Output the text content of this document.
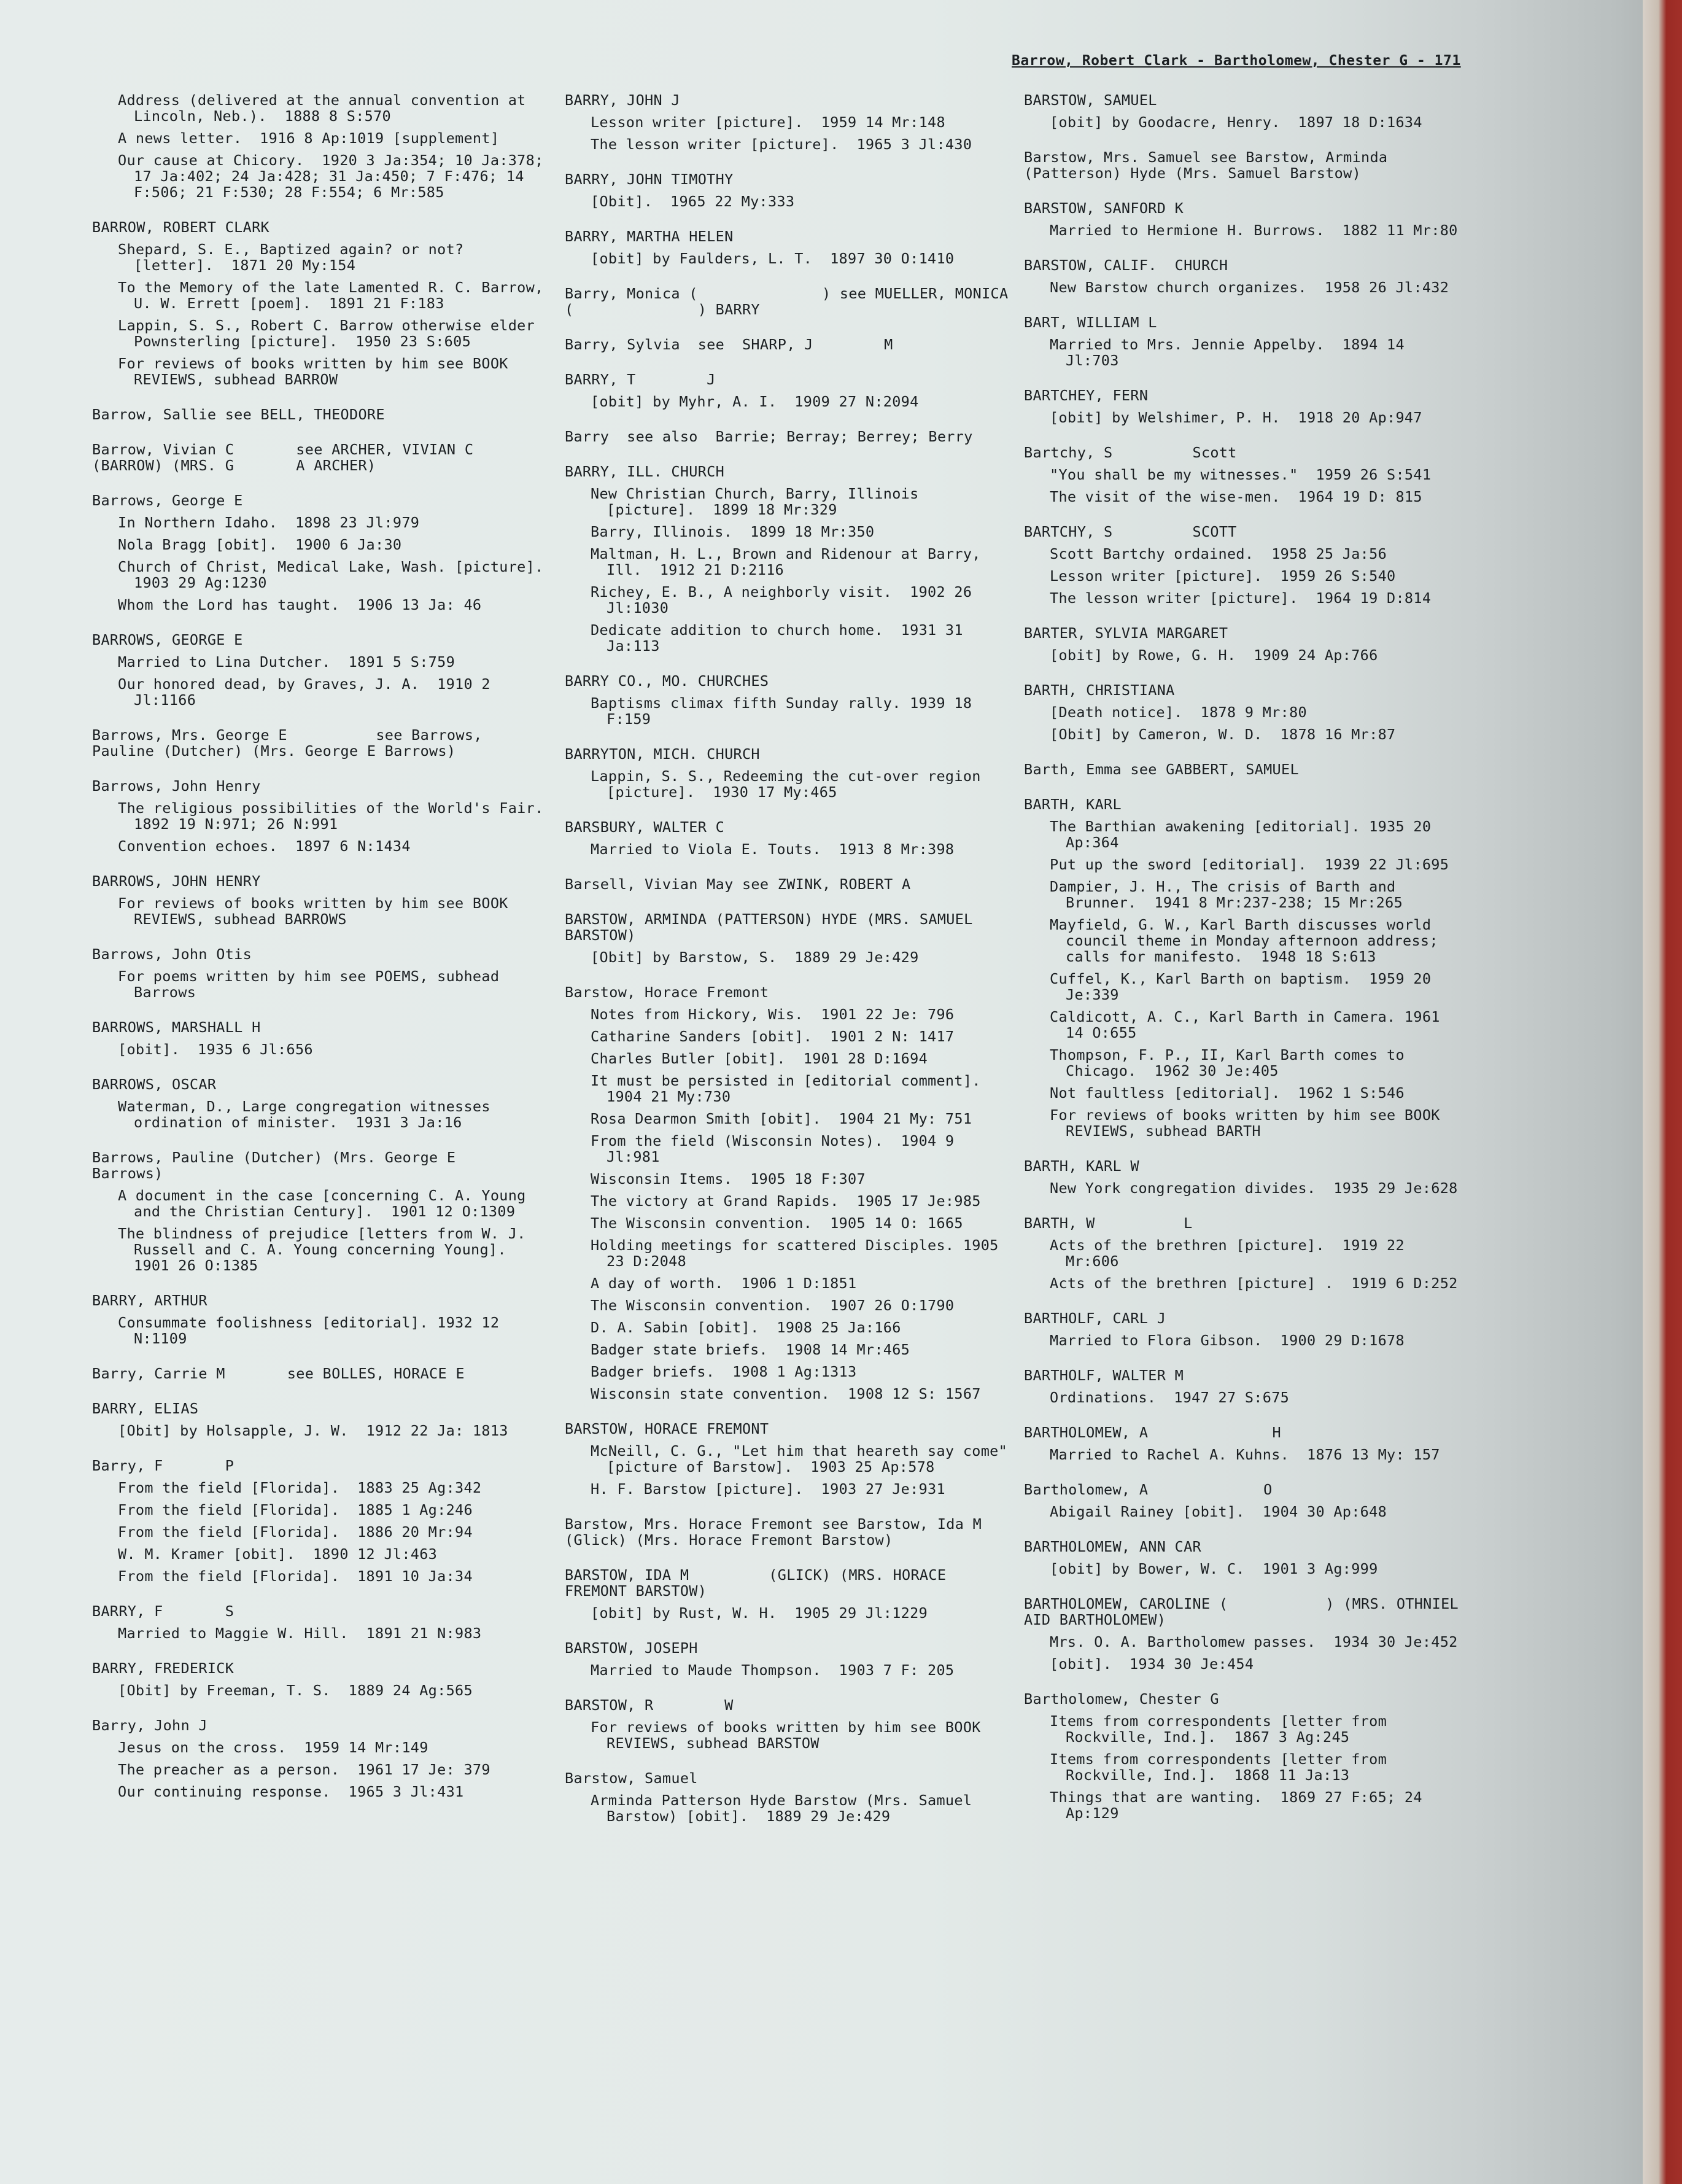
Barrow, Robert Clark - Bartholomew, Chester G - 171
Address (delivered at the annual convention at Lincoln, Neb.).  1888 8 S:570
A news letter.  1916 8 Ap:1019 [supplement]
Our cause at Chicory.  1920 3 Ja:354; 10 Ja:378; 17 Ja:402; 24 Ja:428; 31 Ja:450; 7 F:476; 14 F:506; 21 F:530; 28 F:554; 6 Mr:585
BARROW, ROBERT CLARK
Shepard, S. E., Baptized again? or not? [letter].  1871 20 My:154
To the Memory of the late Lamented R. C. Barrow, U. W. Errett [poem].  1891 21 F:183
Lappin, S. S., Robert C. Barrow otherwise elder Pownsterling [picture].  1950 23 S:605
For reviews of books written by him see BOOK REVIEWS, subhead BARROW
Barrow, Sallie see BELL, THEODORE
Barrow, Vivian C       see ARCHER, VIVIAN C       (BARROW) (MRS. G       A ARCHER)
Barrows, George E
In Northern Idaho.  1898 23 Jl:979
Nola Bragg [obit].  1900 6 Ja:30
Church of Christ, Medical Lake, Wash. [picture].  1903 29 Ag:1230
Whom the Lord has taught.  1906 13 Ja: 46
BARROWS, GEORGE E
Married to Lina Dutcher.  1891 5 S:759
Our honored dead, by Graves, J. A.  1910 2 Jl:1166
Barrows, Mrs. George E          see Barrows, Pauline (Dutcher) (Mrs. George E Barrows)
Barrows, John Henry
The religious possibilities of the World's Fair.  1892 19 N:971; 26 N:991
Convention echoes.  1897 6 N:1434
BARROWS, JOHN HENRY
For reviews of books written by him see BOOK REVIEWS, subhead BARROWS
Barrows, John Otis
For poems written by him see POEMS, subhead Barrows
BARROWS, MARSHALL H
[obit].  1935 6 Jl:656
BARROWS, OSCAR
Waterman, D., Large congregation witnesses ordination of minister.  1931 3 Ja:16
Barrows, Pauline (Dutcher) (Mrs. George E       Barrows)
A document in the case [concerning C. A. Young and the Christian Century].  1901 12 O:1309
The blindness of prejudice [letters from W. J. Russell and C. A. Young concerning Young].  1901 26 O:1385
BARRY, ARTHUR
Consummate foolishness [editorial]. 1932 12 N:1109
Barry, Carrie M       see BOLLES, HORACE E
BARRY, ELIAS
[Obit] by Holsapple, J. W.  1912 22 Ja: 1813
Barry, F       P
From the field [Florida].  1883 25 Ag:342
From the field [Florida].  1885 1 Ag:246
From the field [Florida].  1886 20 Mr:94
W. M. Kramer [obit].  1890 12 Jl:463
From the field [Florida].  1891 10 Ja:34
BARRY, F       S
Married to Maggie W. Hill.  1891 21 N:983
BARRY, FREDERICK
[Obit] by Freeman, T. S.  1889 24 Ag:565
Barry, John J
Jesus on the cross.  1959 14 Mr:149
The preacher as a person.  1961 17 Je: 379
Our continuing response.  1965 3 Jl:431
BARRY, JOHN J
Lesson writer [picture].  1959 14 Mr:148
The lesson writer [picture].  1965 3 Jl:430
BARRY, JOHN TIMOTHY
[Obit].  1965 22 My:333
BARRY, MARTHA HELEN
[obit] by Faulders, L. T.  1897 30 O:1410
Barry, Monica (              ) see MUELLER, MONICA (              ) BARRY
Barry, Sylvia  see  SHARP, J        M
BARRY, T        J
[obit] by Myhr, A. I.  1909 27 N:2094
Barry  see also  Barrie; Berray; Berrey; Berry
BARRY, ILL. CHURCH
New Christian Church, Barry, Illinois [picture].  1899 18 Mr:329
Barry, Illinois.  1899 18 Mr:350
Maltman, H. L., Brown and Ridenour at Barry, Ill.  1912 21 D:2116
Richey, E. B., A neighborly visit.  1902 26 Jl:1030
Dedicate addition to church home.  1931 31 Ja:113
BARRY CO., MO. CHURCHES
Baptisms climax fifth Sunday rally. 1939 18 F:159
BARRYTON, MICH. CHURCH
Lappin, S. S., Redeeming the cut-over region [picture].  1930 17 My:465
BARSBURY, WALTER C
Married to Viola E. Touts.  1913 8 Mr:398
Barsell, Vivian May see ZWINK, ROBERT A
BARSTOW, ARMINDA (PATTERSON) HYDE (MRS. SAMUEL BARSTOW)
[Obit] by Barstow, S.  1889 29 Je:429
Barstow, Horace Fremont
Notes from Hickory, Wis.  1901 22 Je: 796
Catharine Sanders [obit].  1901 2 N: 1417
Charles Butler [obit].  1901 28 D:1694
It must be persisted in [editorial comment].  1904 21 My:730
Rosa Dearmon Smith [obit].  1904 21 My: 751
From the field (Wisconsin Notes).  1904 9 Jl:981
Wisconsin Items.  1905 18 F:307
The victory at Grand Rapids.  1905 17 Je:985
The Wisconsin convention.  1905 14 O: 1665
Holding meetings for scattered Disciples. 1905 23 D:2048
A day of worth.  1906 1 D:1851
The Wisconsin convention.  1907 26 O:1790
D. A. Sabin [obit].  1908 25 Ja:166
Badger state briefs.  1908 14 Mr:465
Badger briefs.  1908 1 Ag:1313
Wisconsin state convention.  1908 12 S: 1567
BARSTOW, HORACE FREMONT
McNeill, C. G., "Let him that heareth say come" [picture of Barstow].  1903 25 Ap:578
H. F. Barstow [picture].  1903 27 Je:931
Barstow, Mrs. Horace Fremont see Barstow, Ida M       (Glick) (Mrs. Horace Fremont Barstow)
BARSTOW, IDA M         (GLICK) (MRS. HORACE FREMONT BARSTOW)
[obit] by Rust, W. H.  1905 29 Jl:1229
BARSTOW, JOSEPH
Married to Maude Thompson.  1903 7 F: 205
BARSTOW, R        W
For reviews of books written by him see BOOK REVIEWS, subhead BARSTOW
Barstow, Samuel
Arminda Patterson Hyde Barstow (Mrs. Samuel Barstow) [obit].  1889 29 Je:429
BARSTOW, SAMUEL
[obit] by Goodacre, Henry.  1897 18 D:1634
Barstow, Mrs. Samuel see Barstow, Arminda (Patterson) Hyde (Mrs. Samuel Barstow)
BARSTOW, SANFORD K
Married to Hermione H. Burrows.  1882 11 Mr:80
BARSTOW, CALIF.  CHURCH
New Barstow church organizes.  1958 26 Jl:432
BART, WILLIAM L
Married to Mrs. Jennie Appelby.  1894 14 Jl:703
BARTCHEY, FERN
[obit] by Welshimer, P. H.  1918 20 Ap:947
Bartchy, S         Scott
"You shall be my witnesses."  1959 26 S:541
The visit of the wise-men.  1964 19 D: 815
BARTCHY, S         SCOTT
Scott Bartchy ordained.  1958 25 Ja:56
Lesson writer [picture].  1959 26 S:540
The lesson writer [picture].  1964 19 D:814
BARTER, SYLVIA MARGARET
[obit] by Rowe, G. H.  1909 24 Ap:766
BARTH, CHRISTIANA
[Death notice].  1878 9 Mr:80
[Obit] by Cameron, W. D.  1878 16 Mr:87
Barth, Emma see GABBERT, SAMUEL
BARTH, KARL
The Barthian awakening [editorial]. 1935 20 Ap:364
Put up the sword [editorial].  1939 22 Jl:695
Dampier, J. H., The crisis of Barth and Brunner.  1941 8 Mr:237-238; 15 Mr:265
Mayfield, G. W., Karl Barth discusses world council theme in Monday afternoon address; calls for manifesto.  1948 18 S:613
Cuffel, K., Karl Barth on baptism.  1959 20 Je:339
Caldicott, A. C., Karl Barth in Camera. 1961 14 O:655
Thompson, F. P., II, Karl Barth comes to Chicago.  1962 30 Je:405
Not faultless [editorial].  1962 1 S:546
For reviews of books written by him see BOOK REVIEWS, subhead BARTH
BARTH, KARL W
New York congregation divides.  1935 29 Je:628
BARTH, W          L
Acts of the brethren [picture].  1919 22 Mr:606
Acts of the brethren [picture] .  1919 6 D:252
BARTHOLF, CARL J
Married to Flora Gibson.  1900 29 D:1678
BARTHOLF, WALTER M
Ordinations.  1947 27 S:675
BARTHOLOMEW, A              H
Married to Rachel A. Kuhns.  1876 13 My: 157
Bartholomew, A             O
Abigail Rainey [obit].  1904 30 Ap:648
BARTHOLOMEW, ANN CAR
[obit] by Bower, W. C.  1901 3 Ag:999
BARTHOLOMEW, CAROLINE (           ) (MRS. OTHNIEL AID BARTHOLOMEW)
Mrs. O. A. Bartholomew passes.  1934 30 Je:452
[obit].  1934 30 Je:454
Bartholomew, Chester G
Items from correspondents [letter from Rockville, Ind.].  1867 3 Ag:245
Items from correspondents [letter from Rockville, Ind.].  1868 11 Ja:13
Things that are wanting.  1869 27 F:65; 24 Ap:129
